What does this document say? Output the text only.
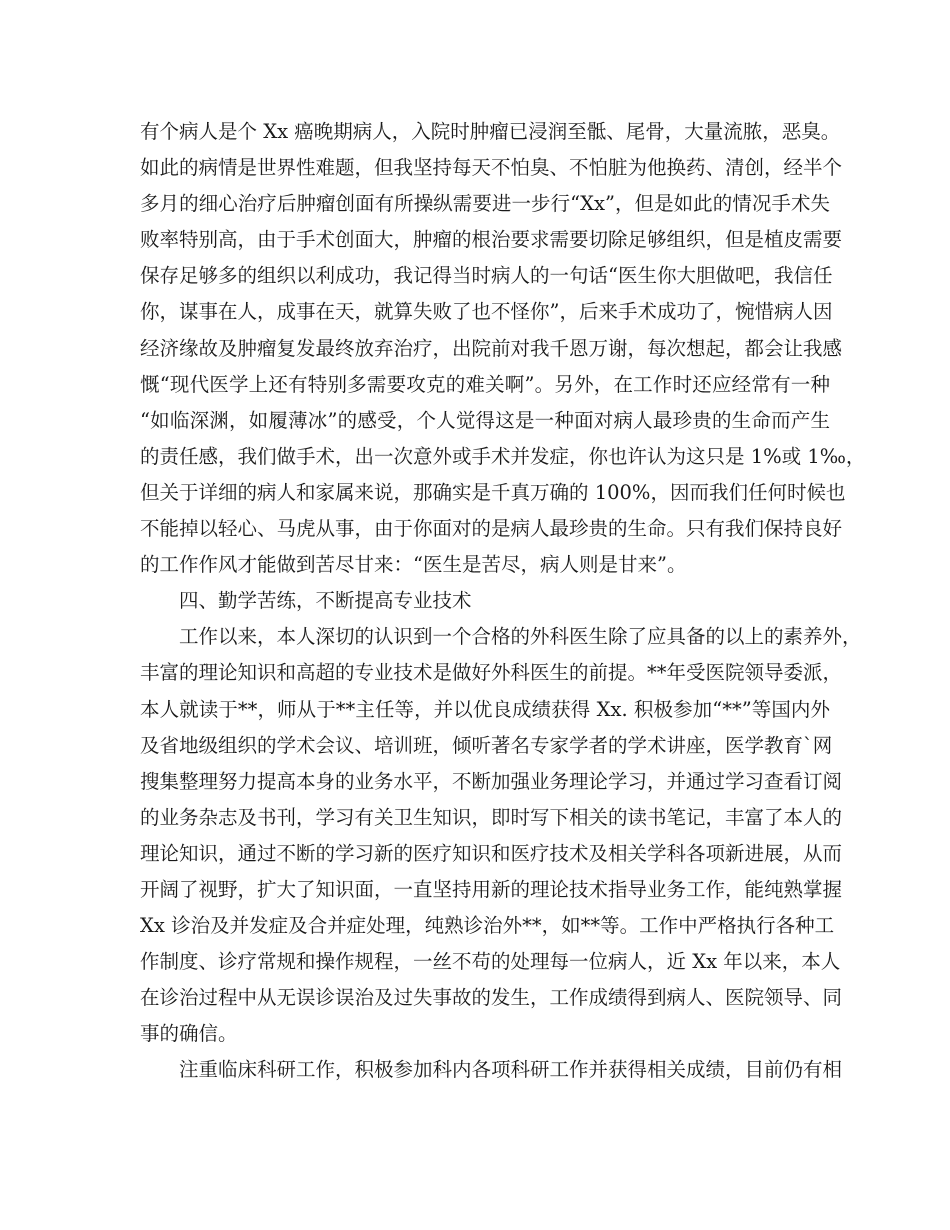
有个病人是个 Xx 癌晚期病人，入院时肿瘤已浸润至骶、尾骨，大量流脓，恶臭。
如此的病情是世界性难题，但我坚持每天不怕臭、不怕脏为他换药、清创，经半个
多月的细心治疗后肿瘤创面有所操纵需要进一步行“Xx”，但是如此的情况手术失
败率特别高，由于手术创面大，肿瘤的根治要求需要切除足够组织，但是植皮需要
保存足够多的组织以利成功，我记得当时病人的一句话“医生你大胆做吧，我信任
你，谋事在人，成事在天，就算失败了也不怪你”，后来手术成功了，惋惜病人因
经济缘故及肿瘤复发最终放弃治疗，出院前对我千恩万谢，每次想起，都会让我感
慨“现代医学上还有特别多需要攻克的难关啊”。另外，在工作时还应经常有一种
“如临深渊，如履薄冰”的感受，个人觉得这是一种面对病人最珍贵的生命而产生
的责任感，我们做手术，出一次意外或手术并发症，你也许认为这只是 1%或 1‰，
但关于详细的病人和家属来说，那确实是千真万确的 100%，因而我们任何时候也
不能掉以轻心、马虎从事，由于你面对的是病人最珍贵的生命。只有我们保持良好
的工作作风才能做到苦尽甘来：“医生是苦尽，病人则是甘来”。
四、勤学苦练，不断提高专业技术
工作以来，本人深切的认识到一个合格的外科医生除了应具备的以上的素养外，
丰富的理论知识和高超的专业技术是做好外科医生的前提。**年受医院领导委派，
本人就读于**，师从于**主任等，并以优良成绩获得 Xx. 积极参加“**”等国内外
及省地级组织的学术会议、培训班，倾听著名专家学者的学术讲座，医学教育`网
搜集整理努力提高本身的业务水平，不断加强业务理论学习，并通过学习查看订阅
的业务杂志及书刊，学习有关卫生知识，即时写下相关的读书笔记，丰富了本人的
理论知识，通过不断的学习新的医疗知识和医疗技术及相关学科各项新进展，从而
开阔了视野，扩大了知识面，一直坚持用新的理论技术指导业务工作，能纯熟掌握
Xx 诊治及并发症及合并症处理，纯熟诊治外**，如**等。工作中严格执行各种工
作制度、诊疗常规和操作规程，一丝不苟的处理每一位病人，近 Xx 年以来，本人
在诊治过程中从无误诊误治及过失事故的发生，工作成绩得到病人、医院领导、同
事的确信。
注重临床科研工作，积极参加科内各项科研工作并获得相关成绩，目前仍有相
